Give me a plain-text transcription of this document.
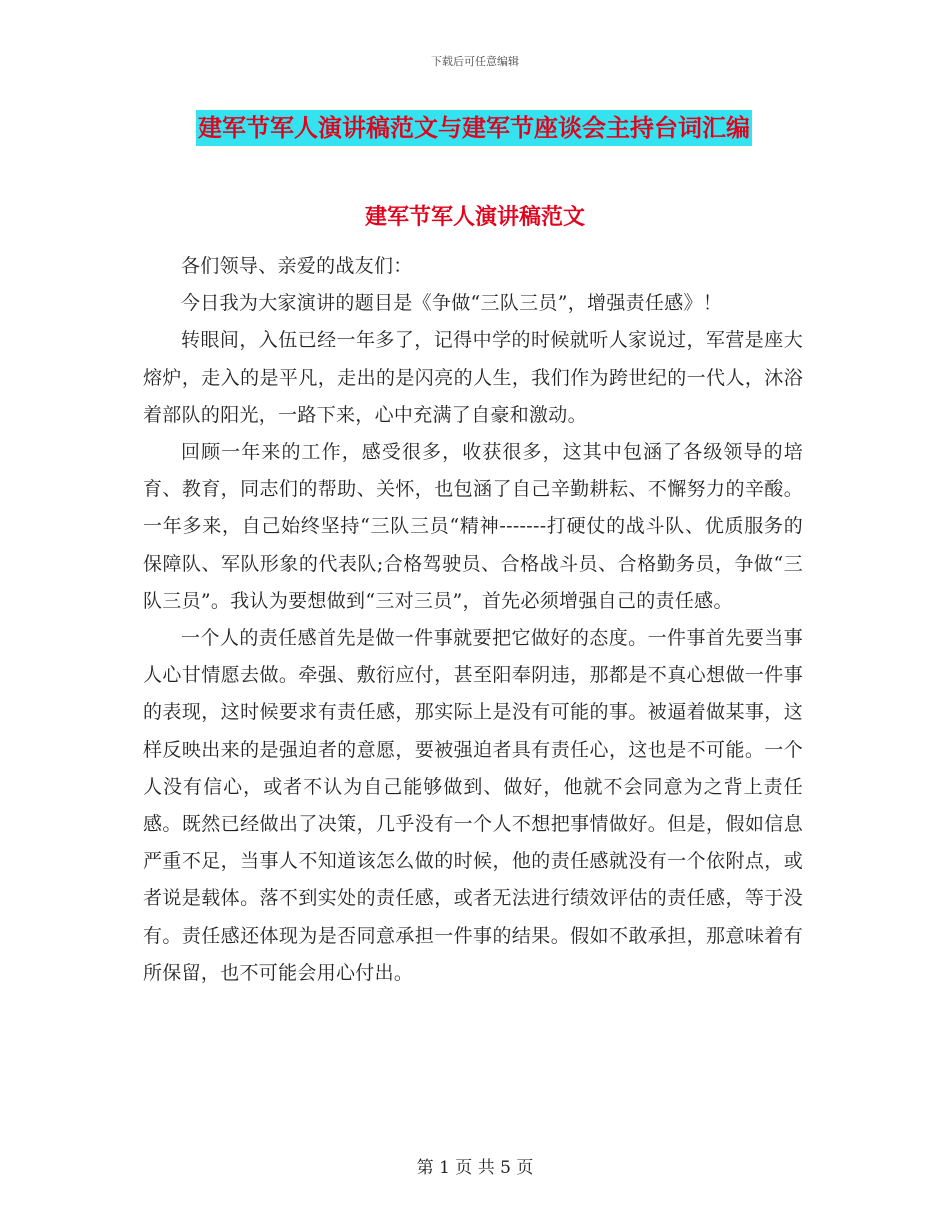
下载后可任意编辑
建军节军人演讲稿范文与建军节座谈会主持台词汇编
建军节军人演讲稿范文

各们领导、亲爱的战友们：

今日我为大家演讲的题目是《争做“三队三员”，增强责任感》！

转眼间，入伍已经一年多了，记得中学的时候就听人家说过，军营是座大熔炉，走入的是平凡，走出的是闪亮的人生，我们作为跨世纪的一代人，沐浴着部队的阳光，一路下来，心中充满了自豪和激动。

回顾一年来的工作，感受很多，收获很多，这其中包涵了各级领导的培育、教育，同志们的帮助、关怀，也包涵了自己辛勤耕耘、不懈努力的辛酸。一年多来，自己始终坚持“三队三员“精神-------打硬仗的战斗队、优质服务的保障队、军队形象的代表队;合格驾驶员、合格战斗员、合格勤务员，争做“三队三员”。我认为要想做到“三对三员”，首先必须增强自己的责任感。

一个人的责任感首先是做一件事就要把它做好的态度。一件事首先要当事人心甘情愿去做。牵强、敷衍应付，甚至阳奉阴违，那都是不真心想做一件事的表现，这时候要求有责任感，那实际上是没有可能的事。被逼着做某事，这样反映出来的是强迫者的意愿，要被强迫者具有责任心，这也是不可能。一个人没有信心，或者不认为自己能够做到、做好，他就不会同意为之背上责任感。既然已经做出了决策，几乎没有一个人不想把事情做好。但是，假如信息严重不足，当事人不知道该怎么做的时候，他的责任感就没有一个依附点，或者说是载体。落不到实处的责任感，或者无法进行绩效评估的责任感，等于没有。责任感还体现为是否同意承担一件事的结果。假如不敢承担，那意味着有所保留，也不可能会用心付出。

第 1 页 共 5 页
